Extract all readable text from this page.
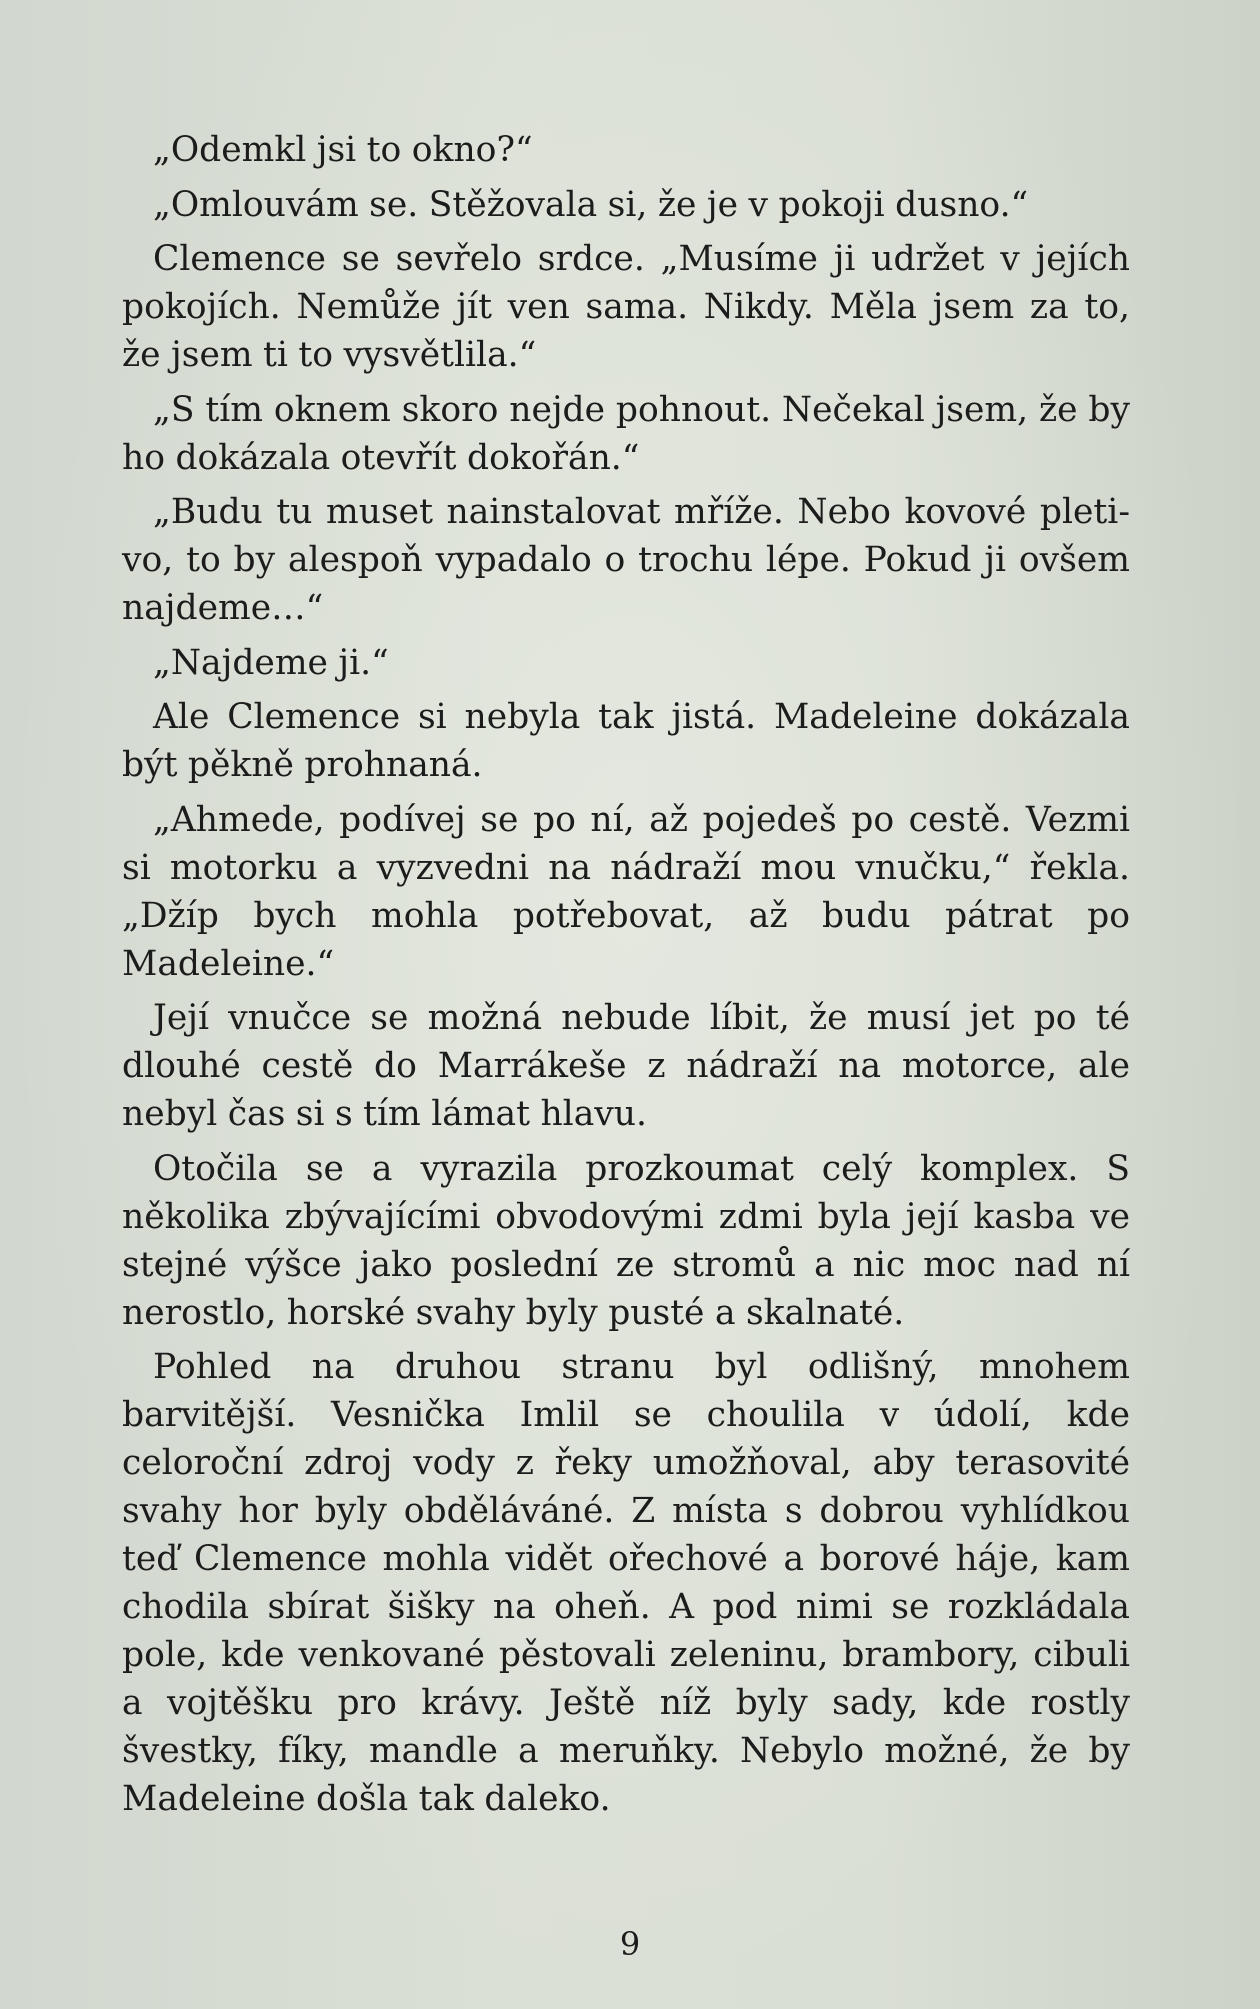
„Odemkl jsi to okno?“

„Omlouvám se. Stěžovala si, že je v pokoji dusno.“

Clemence se sevřelo srdce. „Musíme ji udržet v jejích pokojích. Nemůže jít ven sama. Nikdy. Měla jsem za to, že jsem ti to vysvětlila.“

„S tím oknem skoro nejde pohnout. Nečekal jsem, že by ho dokázala otevřít dokořán.“

„Budu tu muset nainstalovat mříže. Nebo kovové pletivo, to by alespoň vypadalo o trochu lépe. Pokud ji ovšem najdeme…“

„Najdeme ji.“

Ale Clemence si nebyla tak jistá. Madeleine dokázala být pěkně prohnaná.

„Ahmede, podívej se po ní, až pojedeš po cestě. Vezmi si motorku a vyzvedni na nádraží mou vnučku,“ řekla. „Džíp bych mohla potřebovat, až budu pátrat po Madeleine.“

Její vnučce se možná nebude líbit, že musí jet po té dlouhé cestě do Marrákeše z nádraží na motorce, ale nebyl čas si s tím lámat hlavu.

Otočila se a vyrazila prozkoumat celý komplex. S několika zbývajícími obvodovými zdmi byla její kasba ve stejné výšce jako poslední ze stromů a nic moc nad ní nerostlo, horské svahy byly pusté a skalnaté.

Pohled na druhou stranu byl odlišný, mnohem barvitější. Vesnička Imlil se choulila v údolí, kde celoroční zdroj vody z řeky umožňoval, aby terasovité svahy hor byly obděláváné. Z místa s dobrou vyhlídkou teď Clemence mohla vidět ořechové a borové háje, kam chodila sbírat šišky na oheň. A pod nimi se rozkládala pole, kde venkované pěstovali zeleninu, brambory, cibuli a vojtěšku pro krávy. Ještě níž byly sady, kde rostly švestky, fíky, mandle a meruňky. Nebylo možné, že by Madeleine došla tak daleko.

9
